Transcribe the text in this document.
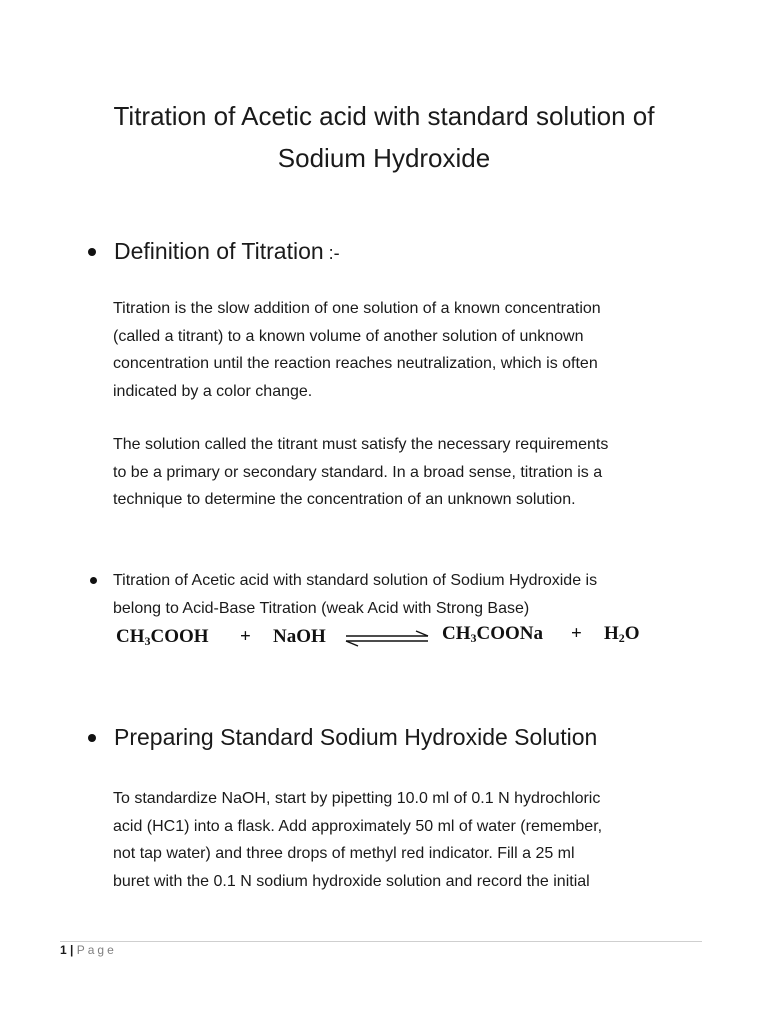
Titration of Acetic acid with standard solution of
Sodium Hydroxide
Definition of Titration :-

Titration is the slow addition of one solution of a known concentration

(called a titrant) to a known volume of another solution of unknown

concentration until the reaction reaches neutralization, which is often

indicated by a color change.

The solution called the titrant must satisfy the necessary requirements

to be a primary or secondary standard. In a broad sense, titration is a

technique to determine the concentration of an unknown solution.

Titration of Acetic acid with standard solution of Sodium Hydroxide is

belong to Acid-Base Titration (weak Acid with Strong Base)

$CH_3COOH$ + NaOH	$CH_3COONa + H_2O$
Preparing Standard Sodium Hydroxide Solution

To standardize NaOH, start by pipetting 10.0 ml of 0.1 N hydrochloric

acid (HC1) into a flask. Add approximately 50 ml of water (remember,

not tap water) and three drops of methyl red indicator. Fill a 25 ml

buret with the 0.1 N sodium hydroxide solution and record the initial

1 | Page
